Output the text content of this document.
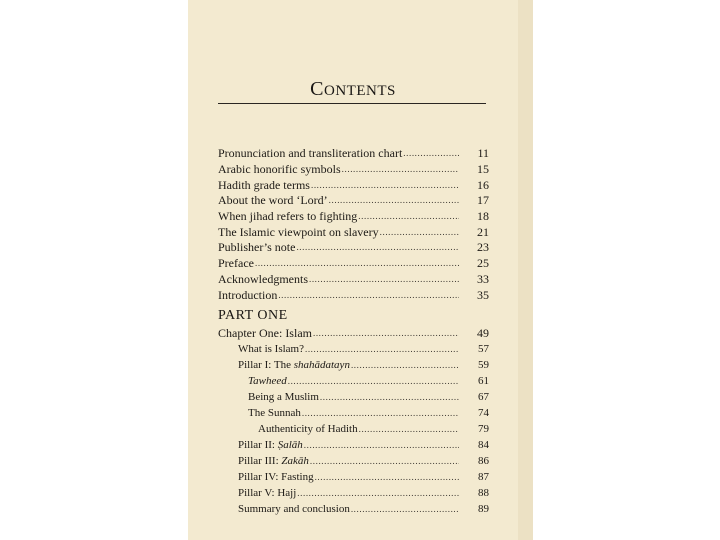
CONTENTS
Pronunciation and transliteration chart .....	11
Arabic honorific symbols .....	15
Hadith grade terms .....	16
About the word ‘Lord’ .....	17
When jihad refers to fighting .....	18
The Islamic viewpoint on slavery .....	21
Publisher’s note .....	23
Preface .....	25
Acknowledgments .....	33
Introduction .....	35
PART ONE
Chapter One: Islam .....	49
What is Islam? .....	57
Pillar I: The shahādatayn .....	59
Tawheed .....	61
Being a Muslim .....	67
The Sunnah .....	74
Authenticity of Hadith .....	79
Pillar II: Ṣalāh .....	84
Pillar III: Zakāh .....	86
Pillar IV: Fasting .....	87
Pillar V: Hajj .....	88
Summary and conclusion .....	89
